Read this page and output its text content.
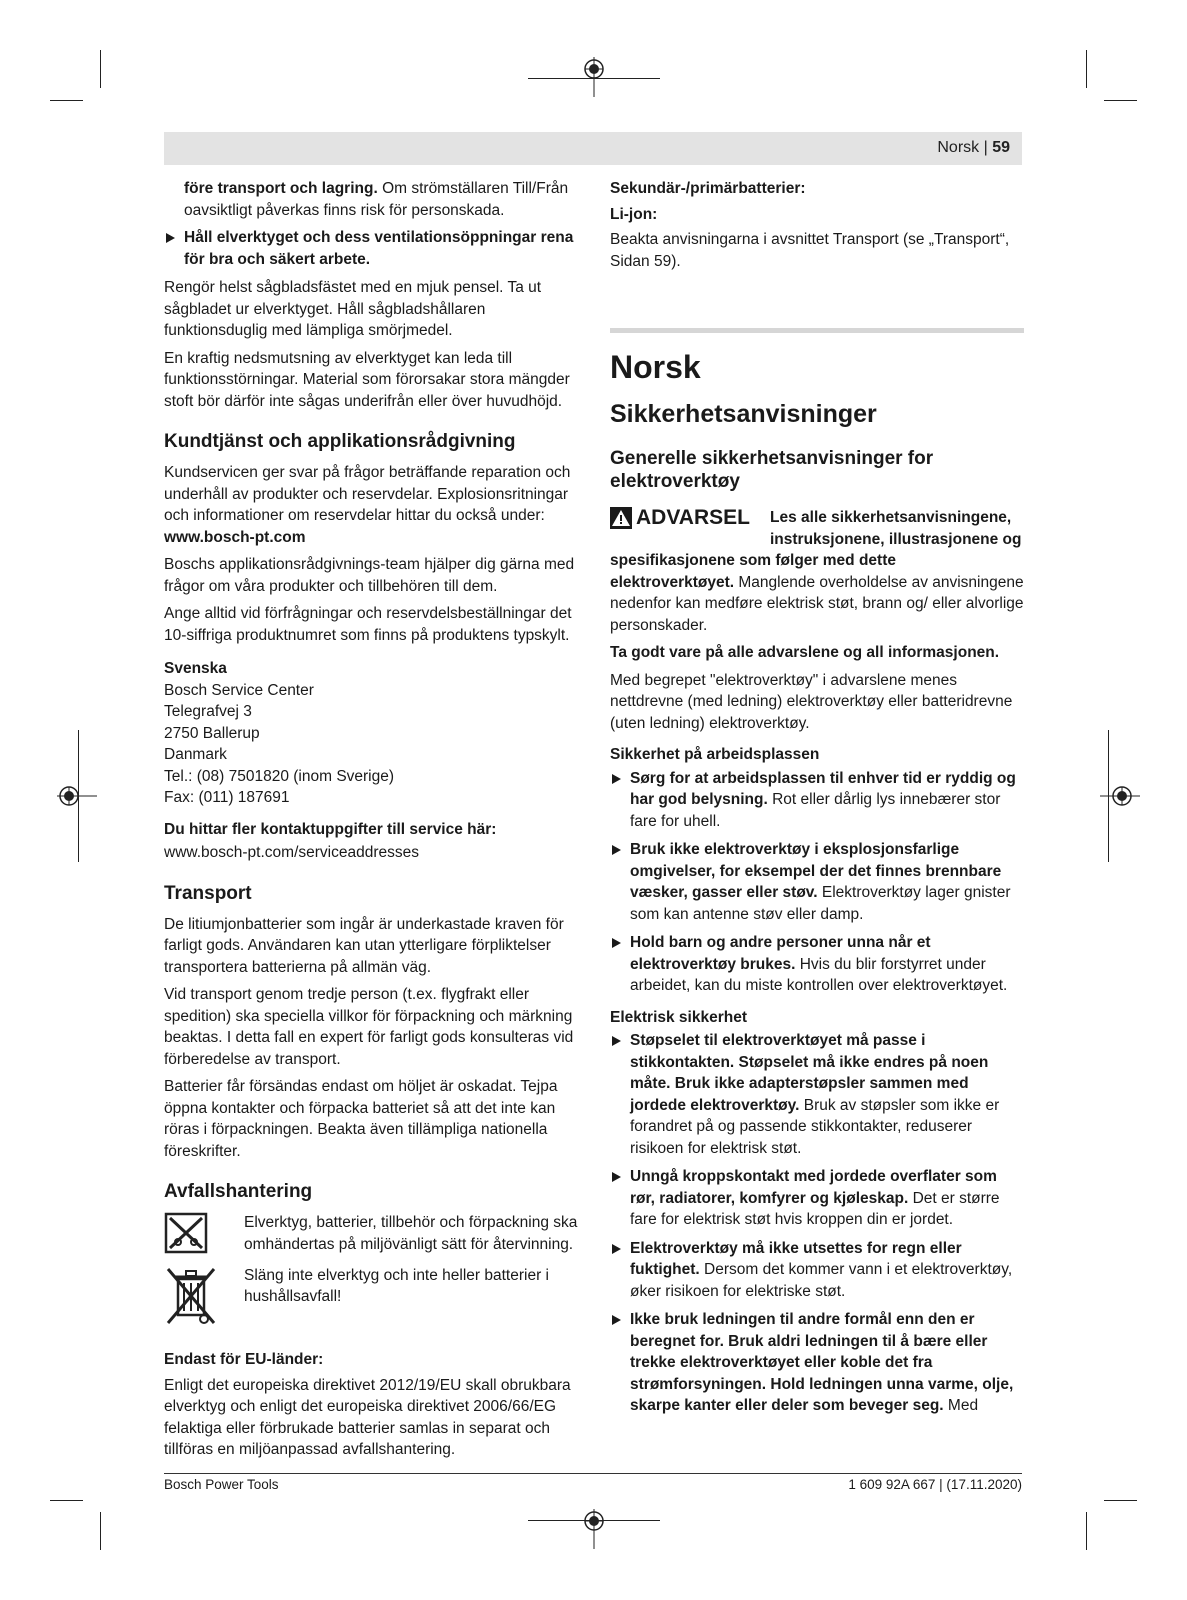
Norsk | 59

före transport och lagring. Om strömställaren Till/Från oavsiktligt påverkas finns risk för personskada.

Håll elverktyget och dess ventilationsöppningar rena för bra och säkert arbete.

Rengör helst sågbladsfästet med en mjuk pensel. Ta ut sågbladet ur elverktyget. Håll sågbladshållaren funktionsduglig med lämpliga smörjmedel.

En kraftig nedsmutsning av elverktyget kan leda till funktionsstörningar. Material som förorsakar stora mängder stoft bör därför inte sågas underifrån eller över huvudhöjd.

Kundtjänst och applikationsrådgivning

Kundservicen ger svar på frågor beträffande reparation och underhåll av produkter och reservdelar. Explosionsritningar och informationer om reservdelar hittar du också under:

www.bosch-pt.com

Boschs applikationsrådgivnings-team hjälper dig gärna med frågor om våra produkter och tillbehören till dem.

Ange alltid vid förfrågningar och reservdelsbeställningar det 10-siffriga produktnumret som finns på produktens typskylt.

Svenska

Bosch Service Center
Telegrafvej 3
2750 Ballerup
Danmark
Tel.: (08) 7501820 (inom Sverige)
Fax: (011) 187691

Du hittar fler kontaktuppgifter till service här:

www.bosch-pt.com/serviceaddresses

Transport

De litiumjonbatterier som ingår är underkastade kraven för farligt gods. Användaren kan utan ytterligare förpliktelser transportera batterierna på allmän väg.

Vid transport genom tredje person (t.ex. flygfrakt eller spedition) ska speciella villkor för förpackning och märkning beaktas. I detta fall en expert för farligt gods konsulteras vid förberedelse av transport.

Batterier får försändas endast om höljet är oskadat. Tejpa öppna kontakter och förpacka batteriet så att det inte kan röras i förpackningen. Beakta även tillämpliga nationella föreskrifter.

Avfallshantering
Elverktyg, batterier, tillbehör och förpackning ska omhändertas på miljövänligt sätt för återvinning.
Släng inte elverktyg och inte heller batterier i hushållsavfall!

Endast för EU-länder:

Enligt det europeiska direktivet 2012/19/EU skall obrukbara elverktyg och enligt det europeiska direktivet 2006/66/EG felaktiga eller förbrukade batterier samlas in separat och tillföras en miljöanpassad avfallshantering.

Sekundär-/primärbatterier:

Li-jon:

Beakta anvisningarna i avsnittet Transport (se „Transport“, Sidan 59).

Norsk
Sikkerhetsanvisninger
Generelle sikkerhetsanvisninger for elektroverktøy
ADVARSEL Les alle sikkerhetsanvisningene, instruksjonene, illustrasjonene og

spesifikasjonene som følger med dette elektroverktøyet. Manglende overholdelse av anvisningene nedenfor kan medføre elektrisk støt, brann og/ eller alvorlige personskader.

Ta godt vare på alle advarslene og all informasjonen.

Med begrepet "elektroverktøy" i advarslene menes nettdrevne (med ledning) elektroverktøy eller batteridrevne (uten ledning) elektroverktøy.

Sikkerhet på arbeidsplassen

Sørg for at arbeidsplassen til enhver tid er ryddig og har god belysning. Rot eller dårlig lys innebærer stor fare for uhell.

Bruk ikke elektroverktøy i eksplosjonsfarlige omgivelser, for eksempel der det finnes brennbare væsker, gasser eller støv. Elektroverktøy lager gnister som kan antenne støv eller damp.

Hold barn og andre personer unna når et elektroverktøy brukes. Hvis du blir forstyrret under arbeidet, kan du miste kontrollen over elektroverktøyet.

Elektrisk sikkerhet

Støpselet til elektroverktøyet må passe i stikkontakten. Støpselet må ikke endres på noen måte. Bruk ikke adapterstøpsler sammen med jordede elektroverktøy. Bruk av støpsler som ikke er forandret på og passende stikkontakter, reduserer risikoen for elektrisk støt.

Unngå kroppskontakt med jordede overflater som rør, radiatorer, komfyrer og kjøleskap. Det er større fare for elektrisk støt hvis kroppen din er jordet.

Elektroverktøy må ikke utsettes for regn eller fuktighet. Dersom det kommer vann i et elektroverktøy, øker risikoen for elektriske støt.

Ikke bruk ledningen til andre formål enn den er beregnet for. Bruk aldri ledningen til å bære eller trekke elektroverktøyet eller koble det fra strømforsyningen. Hold ledningen unna varme, olje, skarpe kanter eller deler som beveger seg. Med

Bosch Power Tools	1 609 92A 667 | (17.11.2020)
